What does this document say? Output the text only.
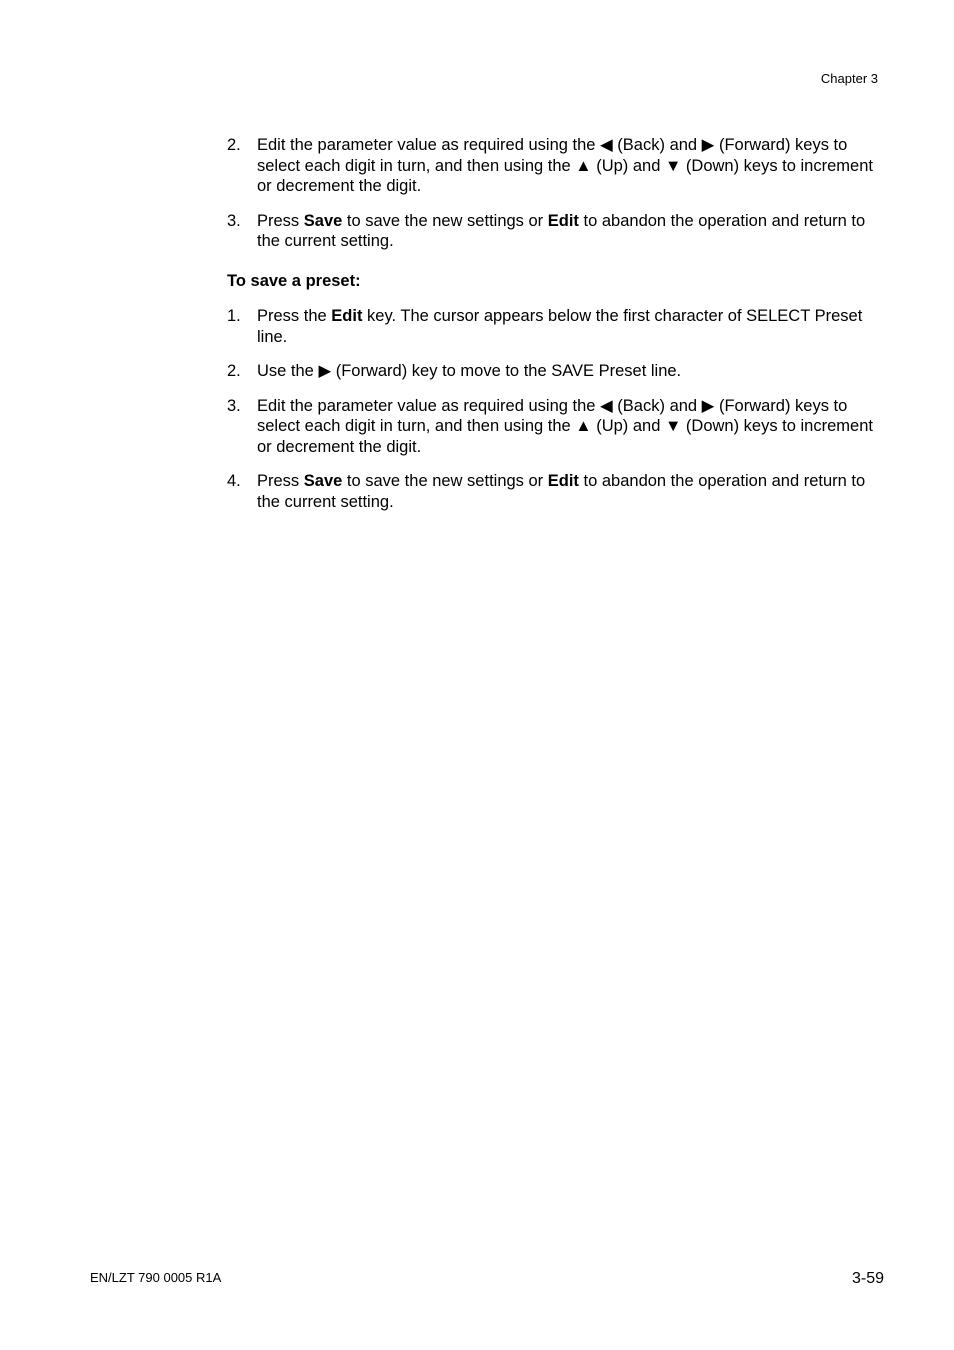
Chapter 3
2. Edit the parameter value as required using the ◀ (Back) and ▶ (Forward) keys to select each digit in turn, and then using the ▲ (Up) and ▼ (Down) keys to increment or decrement the digit.
3. Press Save to save the new settings or Edit to abandon the operation and return to the current setting.
To save a preset:
1. Press the Edit key. The cursor appears below the first character of SELECT Preset line.
2. Use the ▶ (Forward) key to move to the SAVE Preset line.
3. Edit the parameter value as required using the ◀ (Back) and ▶ (Forward) keys to select each digit in turn, and then using the ▲ (Up) and ▼ (Down) keys to increment or decrement the digit.
4. Press Save to save the new settings or Edit to abandon the operation and return to the current setting.
EN/LZT 790 0005 R1A	3-59
